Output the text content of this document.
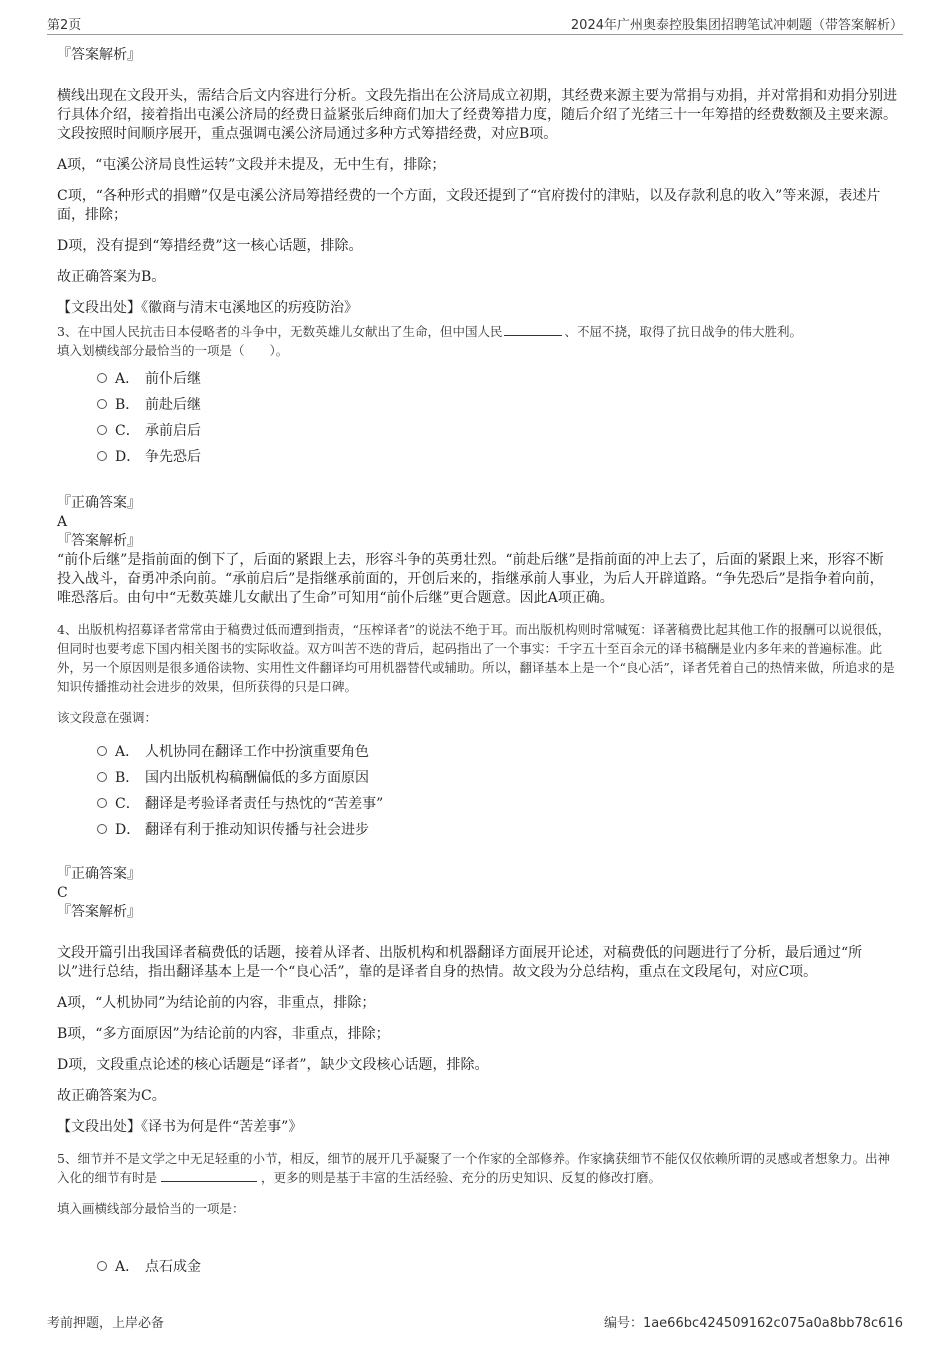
第2页	2024年广州奥泰控股集团招聘笔试冲刺题（带答案解析）

『答案解析』

横线出现在文段开头，需结合后文内容进行分析。文段先指出在公济局成立初期，其经费来源主要为常捐与劝捐，并对常捐和劝捐分别进行具体介绍，接着指出屯溪公济局的经费日益紧张后绅商们加大了经费筹措力度，随后介绍了光绪三十一年筹措的经费数额及主要来源。文段按照时间顺序展开，重点强调屯溪公济局通过多种方式筹措经费，对应B项。

A项，“屯溪公济局良性运转”文段并未提及，无中生有，排除；

C项，“各种形式的捐赠”仅是屯溪公济局筹措经费的一个方面，文段还提到了“官府拨付的津贴，以及存款利息的收入”等来源，表述片面，排除；

D项，没有提到“筹措经费”这一核心话题，排除。

故正确答案为B。

【文段出处】《徽商与清末屯溪地区的疠疫防治》

3、在中国人民抗击日本侵略者的斗争中，无数英雄儿女献出了生命，但中国人民	、不屈不挠，取得了抗日战争的伟大胜利。

填入划横线部分最恰当的一项是（　　）。

A． 前仆后继
B． 前赴后继
C． 承前启后
D． 争先恐后

『正确答案』

A

『答案解析』

“前仆后继”是指前面的倒下了，后面的紧跟上去，形容斗争的英勇壮烈。“前赴后继”是指前面的冲上去了，后面的紧跟上来，形容不断投入战斗，奋勇冲杀向前。“承前启后”是指继承前面的，开创后来的，指继承前人事业，为后人开辟道路。“争先恐后”是指争着向前，唯恐落后。由句中“无数英雄儿女献出了生命”可知用“前仆后继”更合题意。因此A项正确。

4、出版机构招募译者常常由于稿费过低而遭到指责，“压榨译者”的说法不绝于耳。而出版机构则时常喊冤：译著稿费比起其他工作的报酬可以说很低，但同时也要考虑下国内相关图书的实际收益。双方叫苦不迭的背后，起码指出了一个事实：千字五十至百余元的译书稿酬是业内多年来的普遍标准。此外，另一个原因则是很多通俗读物、实用性文件翻译均可用机器替代或辅助。所以，翻译基本上是一个“良心活”，译者凭着自己的热情来做，所追求的是知识传播推动社会进步的效果，但所获得的只是口碑。

该文段意在强调：

A． 人机协同在翻译工作中扮演重要角色
B． 国内出版机构稿酬偏低的多方面原因
C． 翻译是考验译者责任与热忱的“苦差事”
D． 翻译有利于推动知识传播与社会进步

『正确答案』

C

『答案解析』

文段开篇引出我国译者稿费低的话题，接着从译者、出版机构和机器翻译方面展开论述，对稿费低的问题进行了分析，最后通过“所以”进行总结，指出翻译基本上是一个“良心活”，靠的是译者自身的热情。故文段为分总结构，重点在文段尾句，对应C项。

A项，“人机协同”为结论前的内容，非重点，排除；

B项，“多方面原因”为结论前的内容，非重点，排除；

D项，文段重点论述的核心话题是“译者”，缺少文段核心话题，排除。

故正确答案为C。

【文段出处】《译书为何是件“苦差事”》

5、细节并不是文学之中无足轻重的小节，相反，细节的展开几乎凝聚了一个作家的全部修养。作家擒获细节不能仅仅依赖所谓的灵感或者想象力。出神入化的细节有时是	，更多的则是基于丰富的生活经验、充分的历史知识、反复的修改打磨。

填入画横线部分最恰当的一项是：

A． 点石成金
考前押题，上岸必备	编号：1ae66bc424509162c075a0a8bb78c616
